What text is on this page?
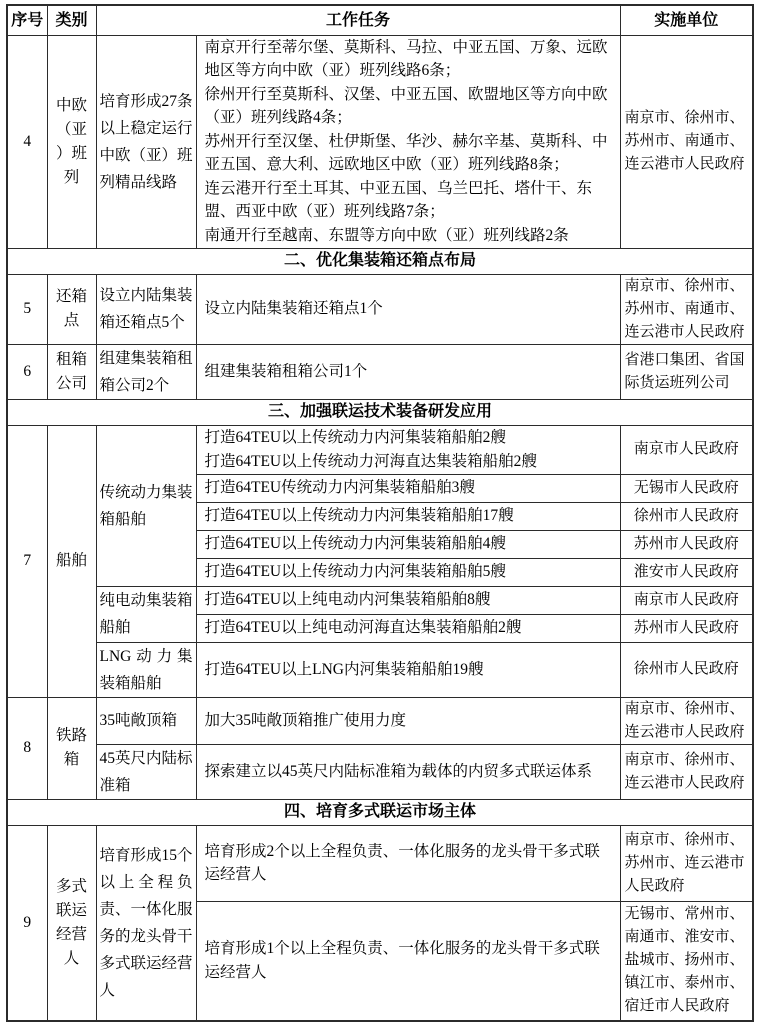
序号	类别	工作任务		实施单位
4	中欧（亚）班列	培育形成27条以上稳定运行中欧（亚）班列精品线路	南京开行至蒂尔堡、莫斯科、马拉、中亚五国、万象、远欧地区等方向中欧（亚）班列线路6条；
徐州开行至莫斯科、汉堡、中亚五国、欧盟地区等方向中欧（亚）班列线路4条；
苏州开行至汉堡、杜伊斯堡、华沙、赫尔辛基、莫斯科、中亚五国、意大利、远欧地区中欧（亚）班列线路8条；
连云港开行至土耳其、中亚五国、乌兰巴托、塔什干、东盟、西亚中欧（亚）班列线路7条；
南通开行至越南、东盟等方向中欧（亚）班列线路2条	南京市、徐州市、苏州市、南通市、连云港市人民政府
二、优化集装箱还箱点布局				
5	还箱点	设立内陆集装箱还箱点5个	设立内陆集装箱还箱点1个	南京市、徐州市、苏州市、南通市、连云港市人民政府
6	租箱公司	组建集装箱租箱公司2个	组建集装箱租箱公司1个	省港口集团、省国际货运班列公司
三、加强联运技术装备研发应用				
7	船舶	传统动力集装箱船舶	打造64TEU以上传统动力内河集装箱船舶2艘
打造64TEU以上传统动力河海直达集装箱船舶2艘	南京市人民政府
			打造64TEU传统动力内河集装箱船舶3艘	无锡市人民政府
			打造64TEU以上传统动力内河集装箱船舶17艘	徐州市人民政府
			打造64TEU以上传统动力内河集装箱船舶4艘	苏州市人民政府
			打造64TEU以上传统动力内河集装箱船舶5艘	淮安市人民政府
		纯电动集装箱船舶	打造64TEU以上纯电动内河集装箱船舶8艘	南京市人民政府
			打造64TEU以上纯电动河海直达集装箱船舶2艘	苏州市人民政府
		LNG动力集装箱船舶	打造64TEU以上LNG内河集装箱船舶19艘	徐州市人民政府
8	铁路箱	35吨敞顶箱	加大35吨敞顶箱推广使用力度	南京市、徐州市、连云港市人民政府
		45英尺内陆标准箱	探索建立以45英尺内陆标准箱为载体的内贸多式联运体系	南京市、徐州市、连云港市人民政府
四、培育多式联运市场主体				
9	多式联运经营人	培育形成15个以上全程负责、一体化服务的龙头骨干多式联运经营人	培育形成2个以上全程负责、一体化服务的龙头骨干多式联运经营人	南京市、徐州市、苏州市、连云港市人民政府
			培育形成1个以上全程负责、一体化服务的龙头骨干多式联运经营人	无锡市、常州市、南通市、淮安市、盐城市、扬州市、镇江市、泰州市、宿迁市人民政府
